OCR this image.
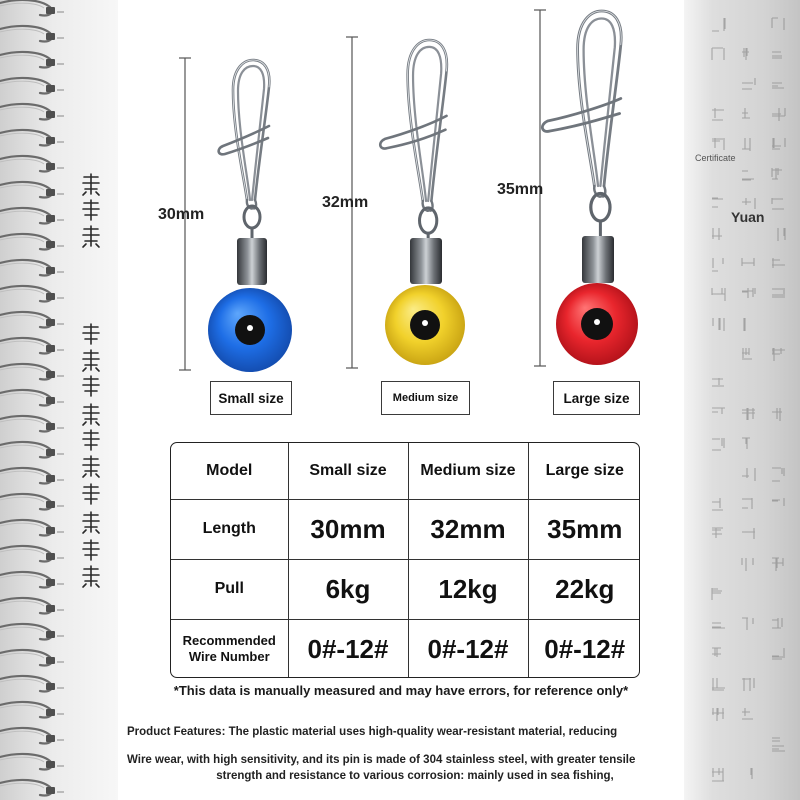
30mm
32mm
35mm
Small size	Medium size	Large size
Model	Small size	Medium size	Large size
Length	30mm	32mm	35mm
Pull	6kg	12kg	22kg
Recommended Wire Number	0#-12#	0#-12#	0#-12#
*This data is manually measured and may have errors, for reference only*
Product Features: The plastic material uses high-quality wear-resistant material, reducing
Wire wear, with high sensitivity, and its pin is made of 304 stainless steel, with greater tensile
strength and resistance to various corrosion: mainly used in sea fishing,
Certificate
Yuan
